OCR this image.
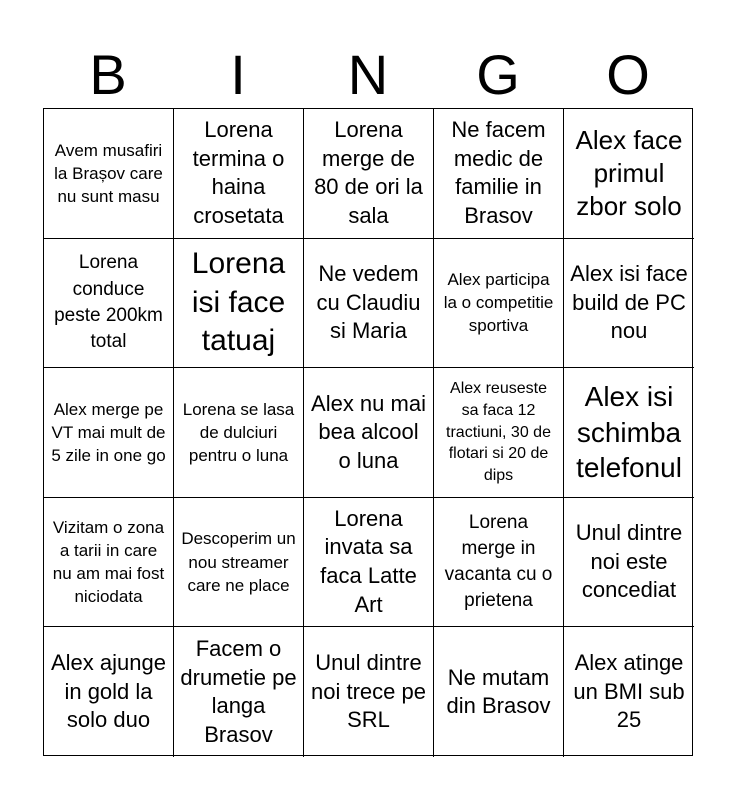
B	I	N	G	O
Avem musafiri la Brașov care nu sunt masu
Lorena termina o haina crosetata
Lorena merge de 80 de ori la sala
Ne facem medic de familie in Brasov
Alex face primul zbor solo
Lorena conduce peste 200km total
Lorena isi face tatuaj
Ne vedem cu Claudiu si Maria
Alex participa la o competitie sportiva
Alex isi face build de PC nou
Alex merge pe VT mai mult de 5 zile in one go
Lorena se lasa de dulciuri pentru o luna
Alex nu mai bea alcool o luna
Alex reuseste sa faca 12 tractiuni, 30 de flotari si 20 de dips
Alex isi schimba telefonul
Vizitam o zona a tarii in care nu am mai fost niciodata
Descoperim un nou streamer care ne place
Lorena invata sa faca Latte Art
Lorena merge in vacanta cu o prietena
Unul dintre noi este concediat
Alex ajunge in gold la solo duo
Facem o drumetie pe langa Brasov
Unul dintre noi trece pe SRL
Ne mutam din Brasov
Alex atinge un BMI sub 25
